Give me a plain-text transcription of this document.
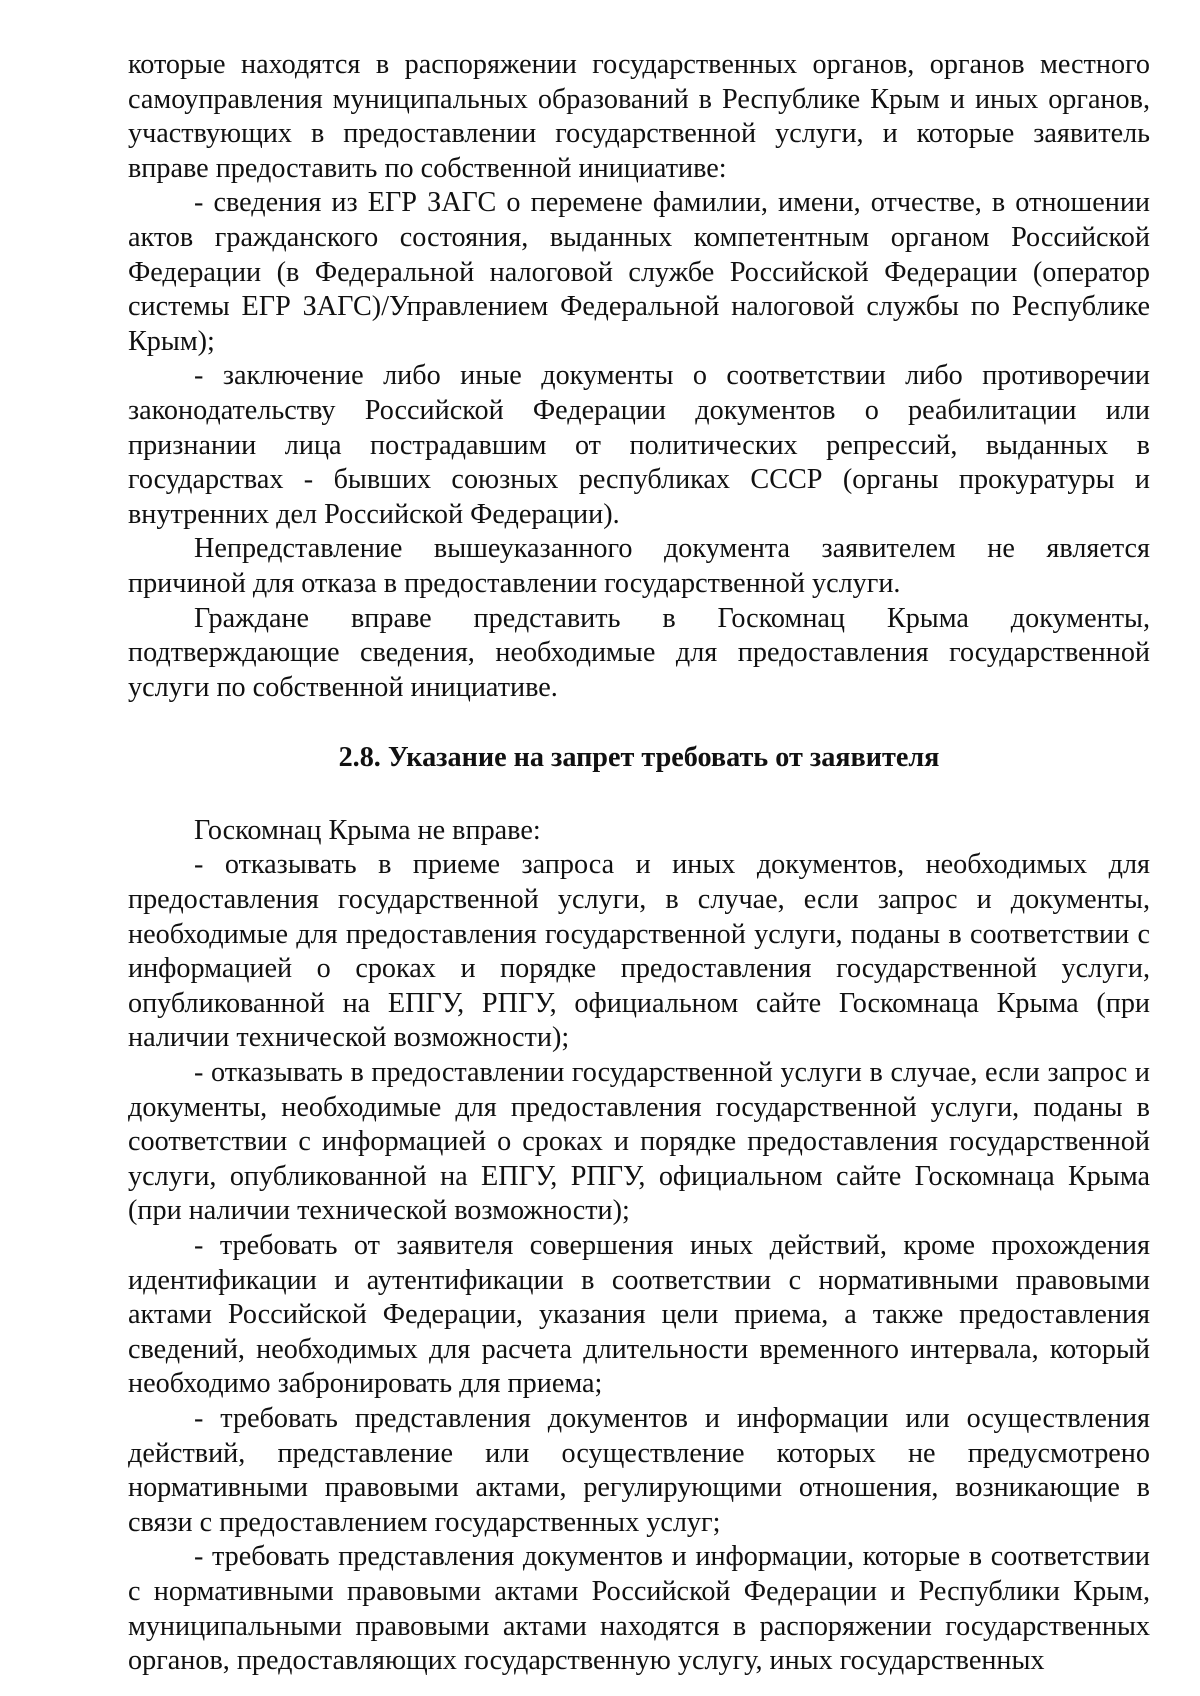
которые находятся в распоряжении государственных органов, органов местного самоуправления муниципальных образований в Республике Крым и иных органов, участвующих в предоставлении государственной услуги, и которые заявитель вправе предоставить по собственной инициативе:

- сведения из ЕГР ЗАГС о перемене фамилии, имени, отчестве, в отношении актов гражданского состояния, выданных компетентным органом Российской Федерации (в Федеральной налоговой службе Российской Федерации (оператор системы ЕГР ЗАГС)/Управлением Федеральной налоговой службы по Республике Крым);

- заключение либо иные документы о соответствии либо противоречии законодательству Российской Федерации документов о реабилитации или признании лица пострадавшим от политических репрессий, выданных в государствах - бывших союзных республиках СССР (органы прокуратуры и внутренних дел Российской Федерации).

Непредставление вышеуказанного документа заявителем не является причиной для отказа в предоставлении государственной услуги.

Граждане вправе представить в Госкомнац Крыма документы, подтверждающие сведения, необходимые для предоставления государственной услуги по собственной инициативе.

2.8. Указание на запрет требовать от заявителя

Госкомнац Крыма не вправе:

- отказывать в приеме запроса и иных документов, необходимых для предоставления государственной услуги, в случае, если запрос и документы, необходимые для предоставления государственной услуги, поданы в соответствии с информацией о сроках и порядке предоставления государственной услуги, опубликованной на ЕПГУ, РПГУ, официальном сайте Госкомнаца Крыма (при наличии технической возможности);

- отказывать в предоставлении государственной услуги в случае, если запрос и документы, необходимые для предоставления государственной услуги, поданы в соответствии с информацией о сроках и порядке предоставления государственной услуги, опубликованной на ЕПГУ, РПГУ, официальном сайте Госкомнаца Крыма (при наличии технической возможности);

- требовать от заявителя совершения иных действий, кроме прохождения идентификации и аутентификации в соответствии с нормативными правовыми актами Российской Федерации, указания цели приема, а также предоставления сведений, необходимых для расчета длительности временного интервала, который необходимо забронировать для приема;

- требовать представления документов и информации или осуществления действий, представление или осуществление которых не предусмотрено нормативными правовыми актами, регулирующими отношения, возникающие в связи с предоставлением государственных услуг;

- требовать представления документов и информации, которые в соответствии с нормативными правовыми актами Российской Федерации и Республики Крым, муниципальными правовыми актами находятся в распоряжении государственных органов, предоставляющих государственную услугу, иных государственных
